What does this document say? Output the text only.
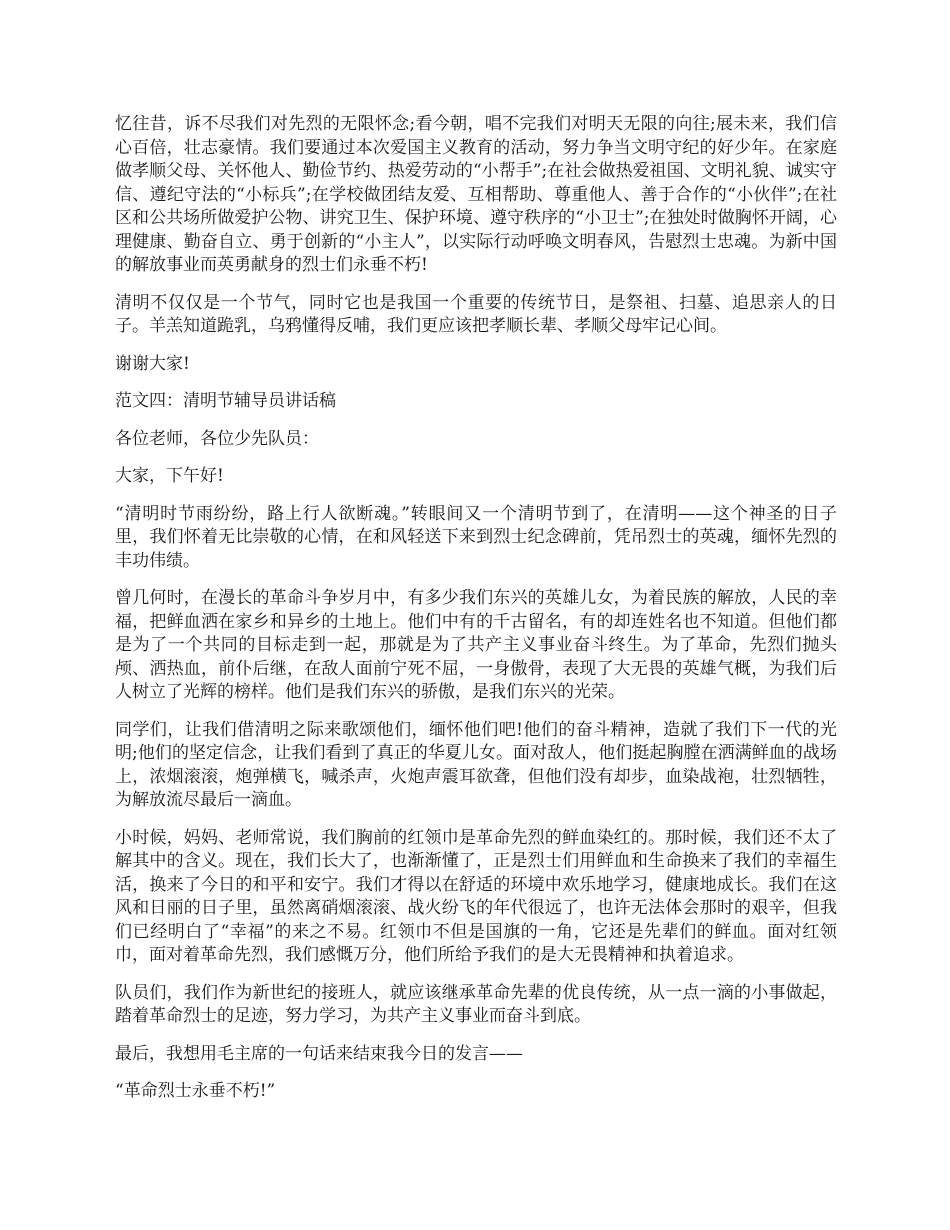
忆往昔，诉不尽我们对先烈的无限怀念;看今朝，唱不完我们对明天无限的向往;展未来，我们信心百倍，壮志豪情。我们要通过本次爱国主义教育的活动，努力争当文明守纪的好少年。在家庭做孝顺父母、关怀他人、勤俭节约、热爱劳动的“小帮手”;在社会做热爱祖国、文明礼貌、诚实守信、遵纪守法的“小标兵”;在学校做团结友爱、互相帮助、尊重他人、善于合作的“小伙伴”;在社区和公共场所做爱护公物、讲究卫生、保护环境、遵守秩序的“小卫士”;在独处时做胸怀开阔，心理健康、勤奋自立、勇于创新的“小主人”，以实际行动呼唤文明春风，告慰烈士忠魂。为新中国的解放事业而英勇献身的烈士们永垂不朽!

清明不仅仅是一个节气，同时它也是我国一个重要的传统节日，是祭祖、扫墓、追思亲人的日子。羊羔知道跪乳，乌鸦懂得反哺，我们更应该把孝顺长辈、孝顺父母牢记心间。

谢谢大家!

范文四：清明节辅导员讲话稿

各位老师，各位少先队员：

大家，下午好!

“清明时节雨纷纷，路上行人欲断魂。”转眼间又一个清明节到了，在清明——这个神圣的日子里，我们怀着无比崇敬的心情，在和风轻送下来到烈士纪念碑前，凭吊烈士的英魂，缅怀先烈的丰功伟绩。

曾几何时，在漫长的革命斗争岁月中，有多少我们东兴的英雄儿女，为着民族的解放，人民的幸福，把鲜血洒在家乡和异乡的土地上。他们中有的千古留名，有的却连姓名也不知道。但他们都是为了一个共同的目标走到一起，那就是为了共产主义事业奋斗终生。为了革命，先烈们抛头颅、洒热血，前仆后继，在敌人面前宁死不屈，一身傲骨，表现了大无畏的英雄气概，为我们后人树立了光辉的榜样。他们是我们东兴的骄傲，是我们东兴的光荣。

同学们，让我们借清明之际来歌颂他们，缅怀他们吧!他们的奋斗精神，造就了我们下一代的光明;他们的坚定信念，让我们看到了真正的华夏儿女。面对敌人，他们挺起胸膛在洒满鲜血的战场上，浓烟滚滚，炮弹横飞，喊杀声，火炮声震耳欲聋，但他们没有却步，血染战袍，壮烈牺牲，为解放流尽最后一滴血。

小时候，妈妈、老师常说，我们胸前的红领巾是革命先烈的鲜血染红的。那时候，我们还不太了解其中的含义。现在，我们长大了，也渐渐懂了，正是烈士们用鲜血和生命换来了我们的幸福生活，换来了今日的和平和安宁。我们才得以在舒适的环境中欢乐地学习，健康地成长。我们在这风和日丽的日子里，虽然离硝烟滚滚、战火纷飞的年代很远了，也许无法体会那时的艰辛，但我们已经明白了“幸福”的来之不易。红领巾不但是国旗的一角，它还是先辈们的鲜血。面对红领巾，面对着革命先烈，我们感慨万分，他们所给予我们的是大无畏精神和执着追求。

队员们，我们作为新世纪的接班人，就应该继承革命先辈的优良传统，从一点一滴的小事做起，踏着革命烈士的足迹，努力学习，为共产主义事业而奋斗到底。

最后，我想用毛主席的一句话来结束我今日的发言——

“革命烈士永垂不朽!”
